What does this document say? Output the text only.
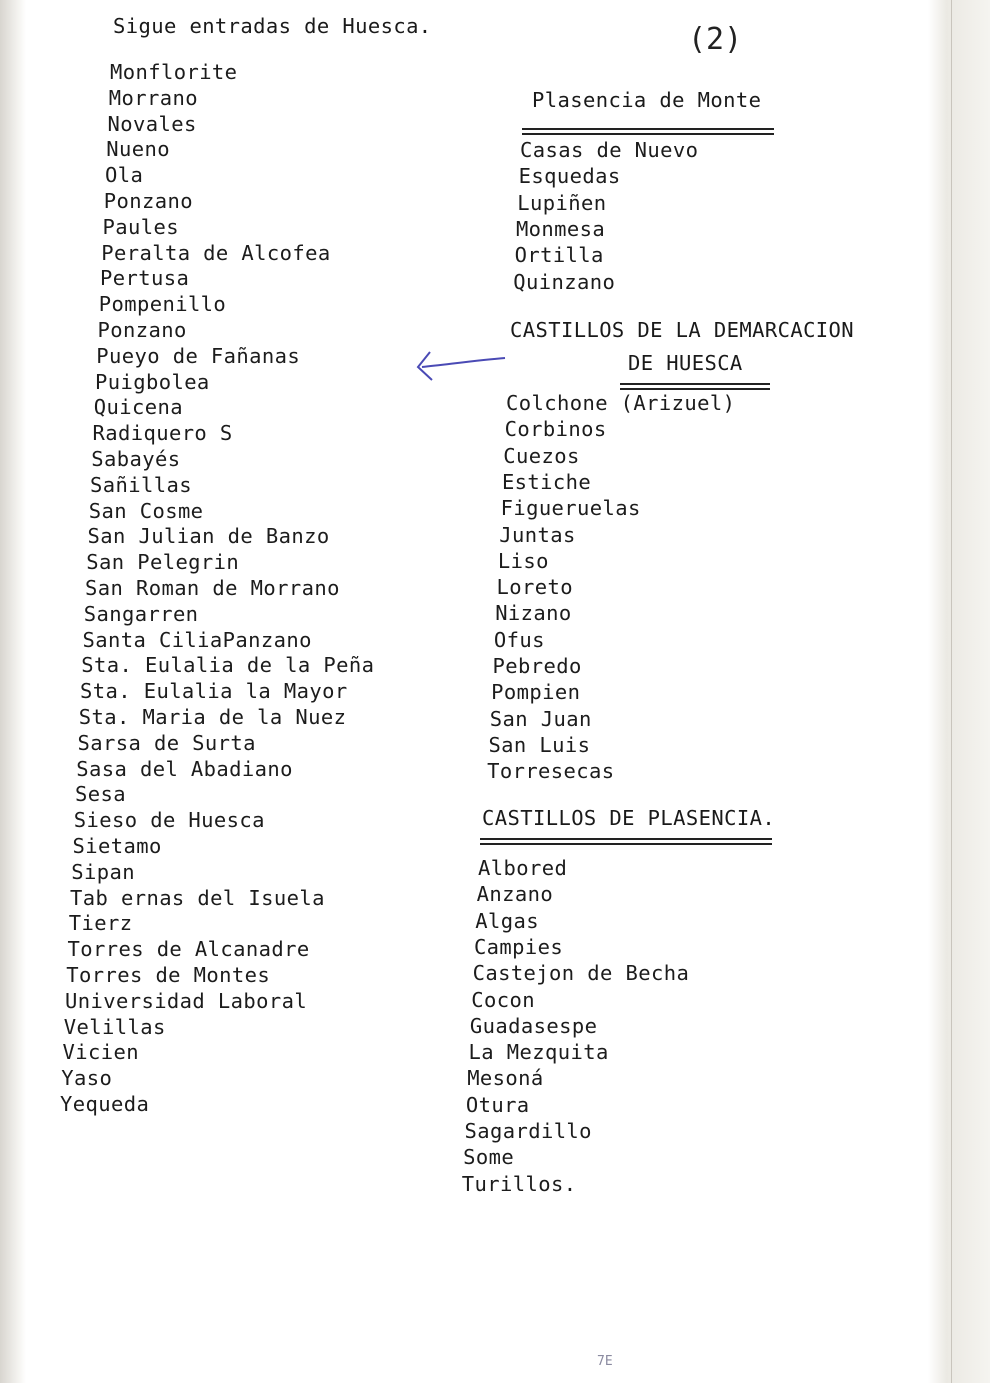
Sigue entradas de Huesca.	(2)
Monflorite
Morrano
Novales
Nueno
Ola
Ponzano
Paules
Peralta de Alcofea
Pertusa
Pompenillo
Ponzano
Pueyo de Fañanas
Puigbolea
Quicena
Radiquero S
Sabayés
Sañillas
San Cosme
San Julian de Banzo
San Pelegrin
San Roman de Morrano
Sangarren
Santa CiliaPanzano
Sta. Eulalia de la Peña
Sta. Eulalia la Mayor
Sta. Maria de la Nuez
Sarsa de Surta
Sasa del Abadiano
Sesa
Sieso de Huesca
Sietamo
Sipan
Tab ernas del Isuela
Tierz
Torres de Alcanadre
Torres de Montes
Universidad Laboral
Velillas
Vicien
Yaso
Yequeda
Plasencia de Monte
Casas de Nuevo
Esquedas
Lupiñen
Monmesa
Ortilla
Quinzano
CASTILLOS DE LA DEMARCACION
DE HUESCA
Colchone (Arizuel)
Corbinos
Cuezos
Estiche
Figueruelas
Juntas
Liso
Loreto
Nizano
Ofus
Pebredo
Pompien
San Juan
San Luis
Torresecas
CASTILLOS DE PLASENCIA.
Albored
Anzano
Algas
Campies
Castejon de Becha
Cocon
Guadasespe
La Mezquita
Mesoná
Otura
Sagardillo
Some
Turillos.
7E
